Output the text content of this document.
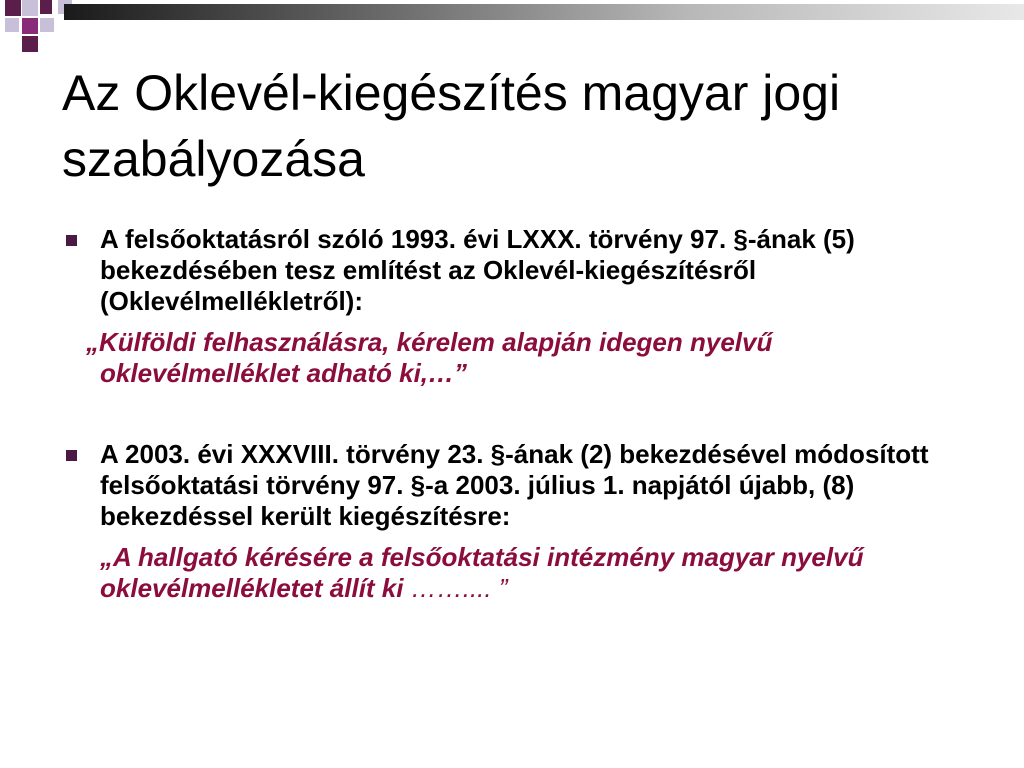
Az Oklevél-kiegészítés magyar jogi szabályozása
A felsőoktatásról szóló 1993. évi LXXX. törvény 97. §-ának (5) bekezdésében tesz említést az Oklevél-kiegészítésről (Oklevélmellékletről):
„Külföldi felhasználásra, kérelem alapján idegen nyelvű oklevélmelléklet adható ki,…”
A 2003. évi XXXVIII. törvény 23. §-ának (2) bekezdésével módosított felsőoktatási törvény 97. §-a 2003. július 1. napjától újabb, (8) bekezdéssel került kiegészítésre:
„A hallgató kérésére a felsőoktatási intézmény magyar nyelvű oklevélmellékletet állít ki …….... ”
